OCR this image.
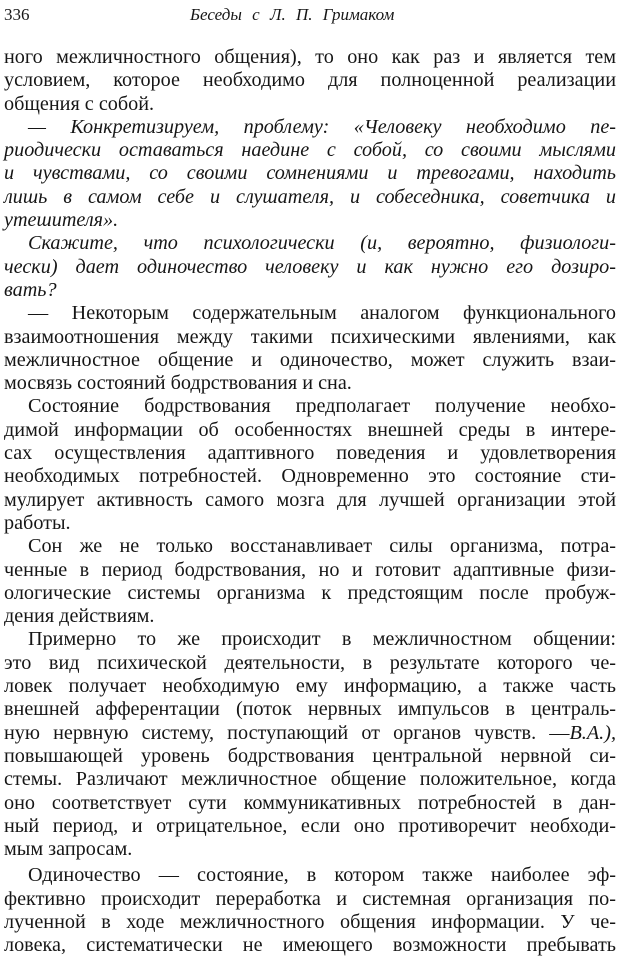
336	Беседы с Л. П. Гримаком
ного межличностного общения), то оно как раз и является тем
условием, которое необходимо для полноценной реализации
общения с собой.
— Конкретизируем, проблему: «Человеку необходимо пе-
риодически оставаться наедине с собой, со своими мыслями
и чувствами, со своими сомнениями и тревогами, находить
лишь в самом себе и слушателя, и собеседника, советчика и
утешителя».
Скажите, что психологически (и, вероятно, физиологи-
чески) дает одиночество человеку и как нужно его дозиро-
вать?
— Некоторым содержательным аналогом функционального
взаимоотношения между такими психическими явлениями, как
межличностное общение и одиночество, может служить взаи-
мосвязь состояний бодрствования и сна.
Состояние бодрствования предполагает получение необхо-
димой информации об особенностях внешней среды в интере-
сах осуществления адаптивного поведения и удовлетворения
необходимых потребностей. Одновременно это состояние сти-
мулирует активность самого мозга для лучшей организации этой
работы.
Сон же не только восстанавливает силы организма, потра-
ченные в период бодрствования, но и готовит адаптивные физи-
ологические системы организма к предстоящим после пробуж-
дения действиям.
Примерно то же происходит в межличностном общении:
это вид психической деятельности, в результате которого че-
ловек получает необходимую ему информацию, а также часть
внешней афферентации (поток нервных импульсов в централь-
ную нервную систему, поступающий от органов чувств. —B.A.),
повышающей уровень бодрствования центральной нервной си-
стемы. Различают межличностное общение положительное, когда
оно соответствует сути коммуникативных потребностей в дан-
ный период, и отрицательное, если оно противоречит необходи-
мым запросам.
Одиночество — состояние, в котором также наиболее эф-
фективно происходит переработка и системная организация по-
лученной в ходе межличностного общения информации. У че-
ловека, систематически не имеющего возможности пребывать
